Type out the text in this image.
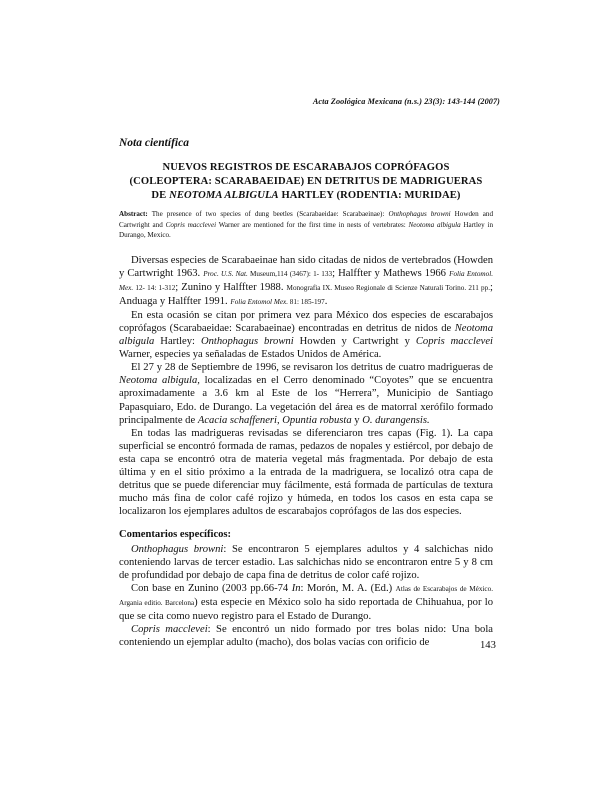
Acta Zoológica Mexicana (n.s.) 23(3): 143-144 (2007)
Nota científica
NUEVOS REGISTROS DE ESCARABAJOS COPRÓFAGOS
(COLEOPTERA: SCARABAEIDAE) EN DETRITUS DE MADRIGUERAS
DE NEOTOMA ALBIGULA HARTLEY (RODENTIA: MURIDAE)
Abstract: The presence of two species of dung beetles (Scarabaeidae: Scarabaeinae): Onthophagus browni Howden and Cartwright and Copris macclevei Warner are mentioned for the first time in nests of vertebrates: Neotoma albigula Hartley in Durango, Mexico.

Diversas especies de Scarabaeinae han sido citadas de nidos de vertebrados (Howden y Cartwright 1963. Proc. U.S. Nat. Museum,114 (3467): 1- 133; Halffter y Mathews 1966 Folia Entomol. Mex. 12- 14: 1-312; Zunino y Halffter 1988. Monografia IX. Museo Regionale di Scienze Naturali Torino. 211 pp.; Anduaga y Halffter 1991. Folia Entomol Mex. 81: 185-197.

En esta ocasión se citan por primera vez para México dos especies de escarabajos coprófagos (Scarabaeidae: Scarabaeinae) encontradas en detritus de nidos de Neotoma albigula Hartley: Onthophagus browni Howden y Cartwright y Copris macclevei Warner, especies ya señaladas de Estados Unidos de América.

El 27 y 28 de Septiembre de 1996, se revisaron los detritus de cuatro madrigueras de Neotoma albigula, localizadas en el Cerro denominado “Coyotes” que se encuentra aproximadamente a 3.6 km al Este de los “Herrera”, Municipio de Santiago Papasquiaro, Edo. de Durango. La vegetación del área es de matorral xerófilo formado principalmente de Acacia schaffeneri, Opuntia robusta y O. durangensis.

En todas las madrigueras revisadas se diferenciaron tres capas (Fig. 1). La capa superficial se encontró formada de ramas, pedazos de nopales y estiércol, por debajo de esta capa se encontró otra de materia vegetal más fragmentada. Por debajo de esta última y en el sitio próximo a la entrada de la madriguera, se localizó otra capa de detritus que se puede diferenciar muy fácilmente, está formada de partículas de textura mucho más fina de color café rojizo y húmeda, en todos los casos en esta capa se localizaron los ejemplares adultos de escarabajos coprófagos de las dos especies.

Comentarios específicos:

Onthophagus browni: Se encontraron 5 ejemplares adultos y 4 salchichas nido conteniendo larvas de tercer estadio. Las salchichas nido se encontraron entre 5 y 8 cm de profundidad por debajo de capa fina de detritus de color café rojizo.

Con base en Zunino (2003 pp.66-74 In: Morón, M. A. (Ed.) Atlas de Escarabajos de México. Argania editio. Barcelona) esta especie en México solo ha sido reportada de Chihuahua, por lo que se cita como nuevo registro para el Estado de Durango.

Copris macclevei: Se encontró un nido formado por tres bolas nido: Una bola conteniendo un ejemplar adulto (macho), dos bolas vacías con orificio de	143
